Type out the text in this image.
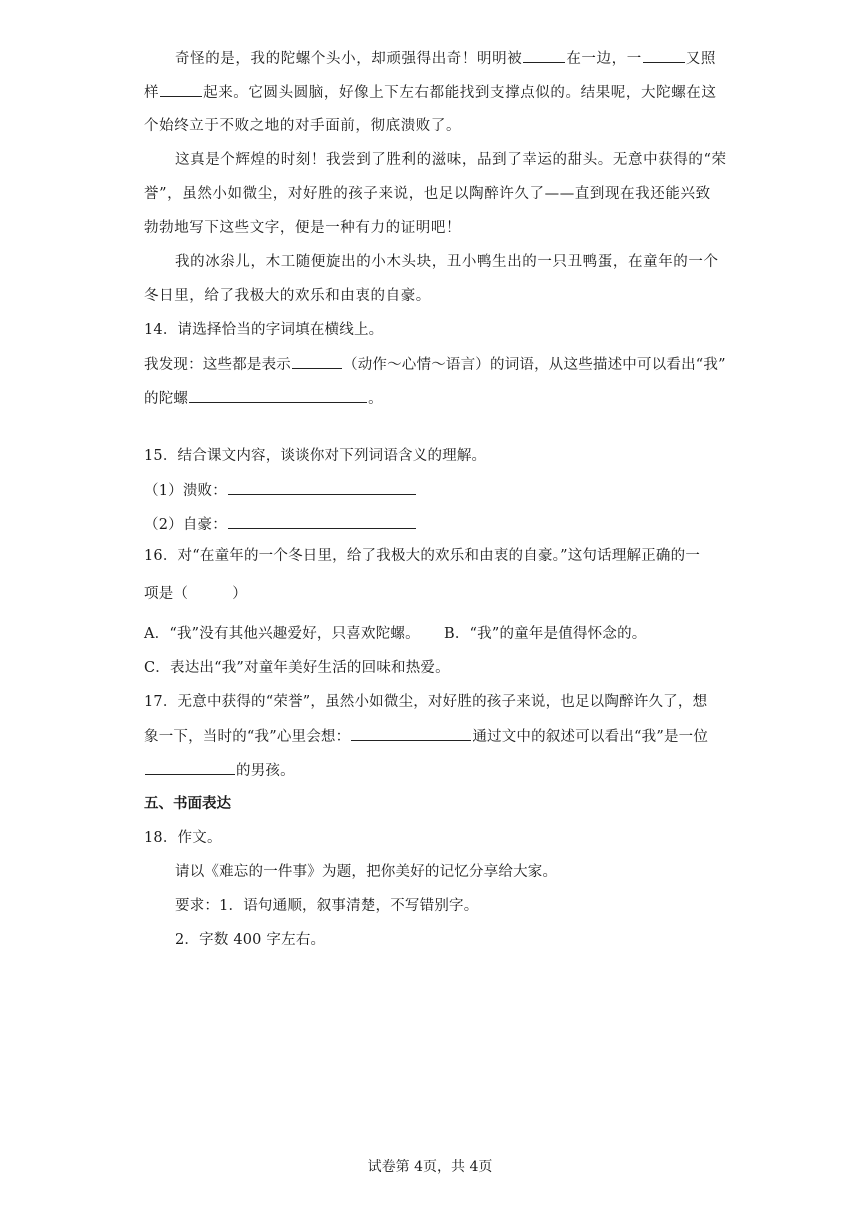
奇怪的是，我的陀螺个头小，却顽强得出奇！明明被	在一边，一	又照
样	起来。它圆头圆脑，好像上下左右都能找到支撑点似的。结果呢，大陀螺在这
个始终立于不败之地的对手面前，彻底溃败了。
这真是个辉煌的时刻！我尝到了胜利的滋味，品到了幸运的甜头。无意中获得的“荣
誉”，虽然小如微尘，对好胜的孩子来说，也足以陶醉许久了——直到现在我还能兴致
勃勃地写下这些文字，便是一种有力的证明吧！
我的冰尜儿，木工随便旋出的小木头块，丑小鸭生出的一只丑鸭蛋，在童年的一个
冬日里，给了我极大的欢乐和由衷的自豪。
14．请选择恰当的字词填在横线上。
我发现：这些都是表示	（动作～心情～语言）的词语，从这些描述中可以看出“我”
的陀螺	。
15．结合课文内容，谈谈你对下列词语含义的理解。
（1）溃败：
（2）自豪：
16．对“在童年的一个冬日里，给了我极大的欢乐和由衷的自豪。”这句话理解正确的一
项是（　　　）
A．“我”没有其他兴趣爱好，只喜欢陀螺。 B．“我”的童年是值得怀念的。
C．表达出“我”对童年美好生活的回味和热爱。
17．无意中获得的“荣誉”，虽然小如微尘，对好胜的孩子来说，也足以陶醉许久了，想
象一下，当时的“我”心里会想：	通过文中的叙述可以看出“我”是一位
的男孩。
五、书面表达
18．作文。
请以《难忘的一件事》为题，把你美好的记忆分享给大家。
要求：1．语句通顺，叙事清楚，不写错别字。
2．字数 400 字左右。
试卷第 4页，共 4页
